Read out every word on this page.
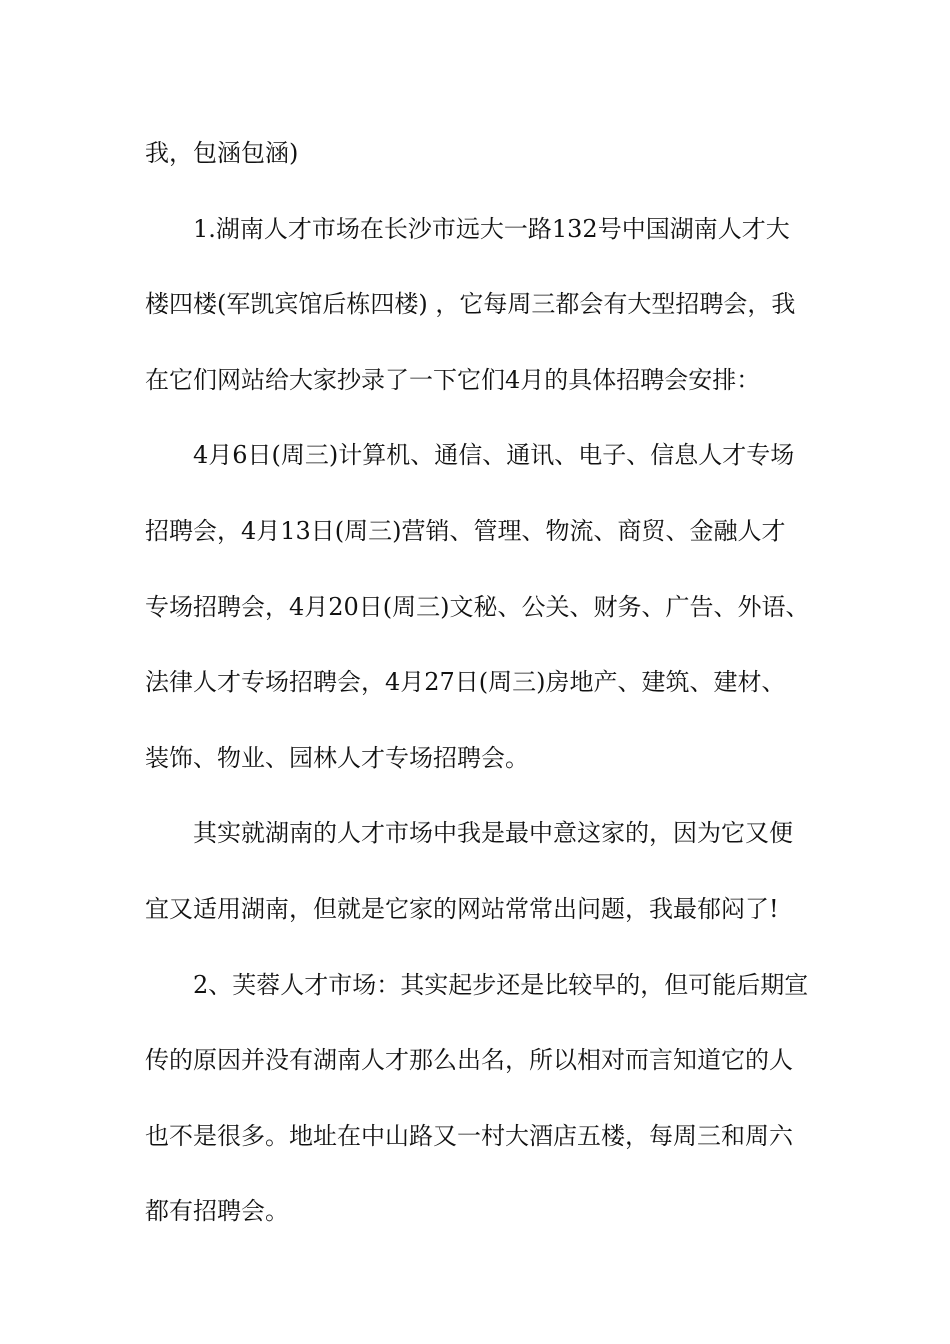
我，包涵包涵)
1.湖南人才市场在长沙市远大一路132号中国湖南人才大
楼四楼(军凯宾馆后栋四楼) ，它每周三都会有大型招聘会，我
在它们网站给大家抄录了一下它们4月的具体招聘会安排：
4月6日(周三)计算机、通信、通讯、电子、信息人才专场
招聘会，4月13日(周三)营销、管理、物流、商贸、金融人才
专场招聘会，4月20日(周三)文秘、公关、财务、广告、外语、
法律人才专场招聘会，4月27日(周三)房地产、建筑、建材、
装饰、物业、园林人才专场招聘会。
其实就湖南的人才市场中我是最中意这家的，因为它又便
宜又适用湖南，但就是它家的网站常常出问题，我最郁闷了!
2、芙蓉人才市场：其实起步还是比较早的，但可能后期宣
传的原因并没有湖南人才那么出名，所以相对而言知道它的人
也不是很多。地址在中山路又一村大酒店五楼，每周三和周六
都有招聘会。
